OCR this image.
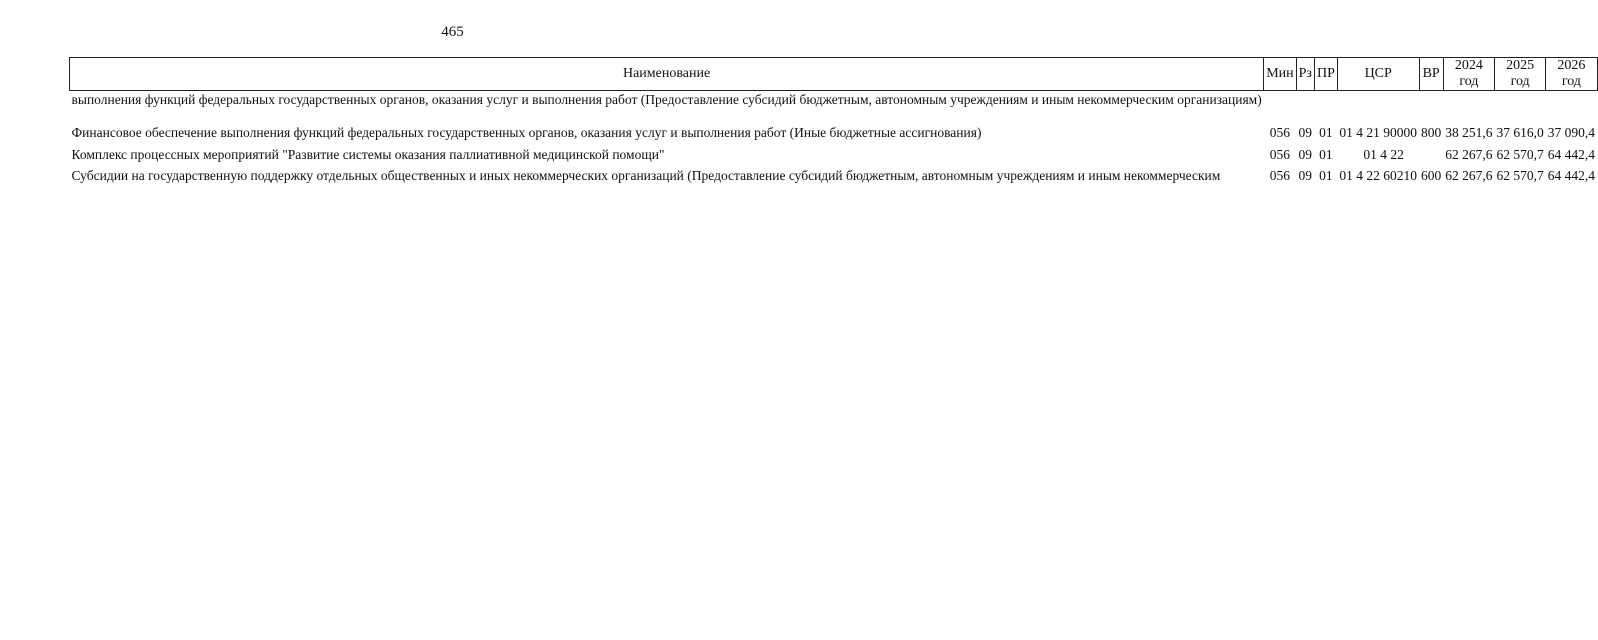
465
Наименование	Мин	Рз	ПР	ЦСР	ВР	2024 год	2025 год	2026 год
выполнения функций федеральных государственных органов, оказания услуг и выполнения работ (Предоставление субсидий бюджетным, автономным учреждениям и иным некоммерческим организациям)								

Финансовое обеспечение выполнения функций федеральных государственных органов, оказания услуг и выполнения работ (Иные бюджетные ассигнования)	056	09	01	01 4 21 90000	800	38 251,6	37 616,0	37 090,4

Комплекс процессных мероприятий "Развитие системы оказания паллиативной медицинской помощи"	056	09	01	01 4 22		62 267,6	62 570,7	64 442,4

Субсидии на государственную поддержку отдельных общественных и иных некоммерческих организаций (Предоставление субсидий бюджетным, автономным учреждениям и иным некоммерческим	056	09	01	01 4 22 60210	600	62 267,6	62 570,7	64 442,4
